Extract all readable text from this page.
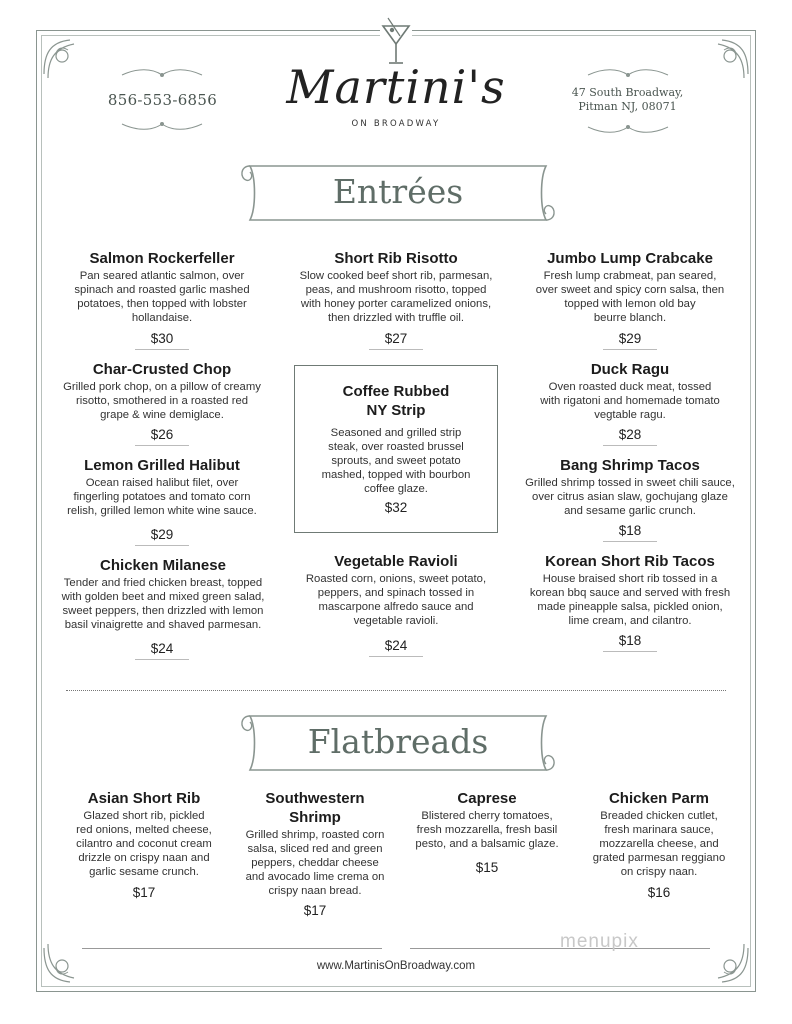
856-553-6856	47 South Broadway,
Pitman NJ, 08071
Martini's
ON BROADWAY
Entrées
Salmon Rockerfeller

Pan seared atlantic salmon, over
spinach and roasted garlic mashed
potatoes, then topped with lobster
hollandaise.

$30
Short Rib Risotto

Slow cooked beef short rib, parmesan,
peas, and mushroom risotto, topped
with honey porter caramelized onions,
then drizzled with truffle oil.

$27
Jumbo Lump Crabcake

Fresh lump crabmeat, pan seared,
over sweet and spicy corn salsa, then
topped with lemon old bay
beurre blanch.

$29
Char-Crusted Chop

Grilled pork chop, on a pillow of creamy
risotto, smothered in a roasted red
grape & wine demiglace.

$26
Coffee Rubbed
NY Strip

Seasoned and grilled strip
steak, over roasted brussel
sprouts, and sweet potato
mashed, topped with bourbon
coffee glaze.

$32
Duck Ragu

Oven roasted duck meat, tossed
with rigatoni and homemade tomato
vegtable ragu.

$28
Lemon Grilled Halibut

Ocean raised halibut filet, over
fingerling potatoes and tomato corn
relish, grilled lemon white wine sauce.

$29
Bang Shrimp Tacos

Grilled shrimp tossed in sweet chili sauce,
over citrus asian slaw, gochujang glaze
and sesame garlic crunch.

$18
Chicken Milanese

Tender and fried chicken breast, topped
with golden beet and mixed green salad,
sweet peppers, then drizzled with lemon
basil vinaigrette and shaved parmesan.

$24
Vegetable Ravioli

Roasted corn, onions, sweet potato,
peppers, and spinach tossed in
mascarpone alfredo sauce and
vegetable ravioli.

$24
Korean Short Rib Tacos

House braised short rib tossed in a
korean bbq sauce and served with fresh
made pineapple salsa, pickled onion,
lime cream, and cilantro.

$18
Flatbreads
Asian Short Rib

Glazed short rib, pickled
red onions, melted cheese,
cilantro and coconut cream
drizzle on crispy naan and
garlic sesame crunch.

$17
Southwestern
Shrimp

Grilled shrimp, roasted corn
salsa, sliced red and green
peppers, cheddar cheese
and avocado lime crema on
crispy naan bread.

$17
Caprese

Blistered cherry tomatoes,
fresh mozzarella, fresh basil
pesto, and a balsamic glaze.

$15
Chicken Parm

Breaded chicken cutlet,
fresh marinara sauce,
mozzarella cheese, and
grated parmesan reggiano
on crispy naan.

$16
www.MartinisOnBroadway.com
menupix
